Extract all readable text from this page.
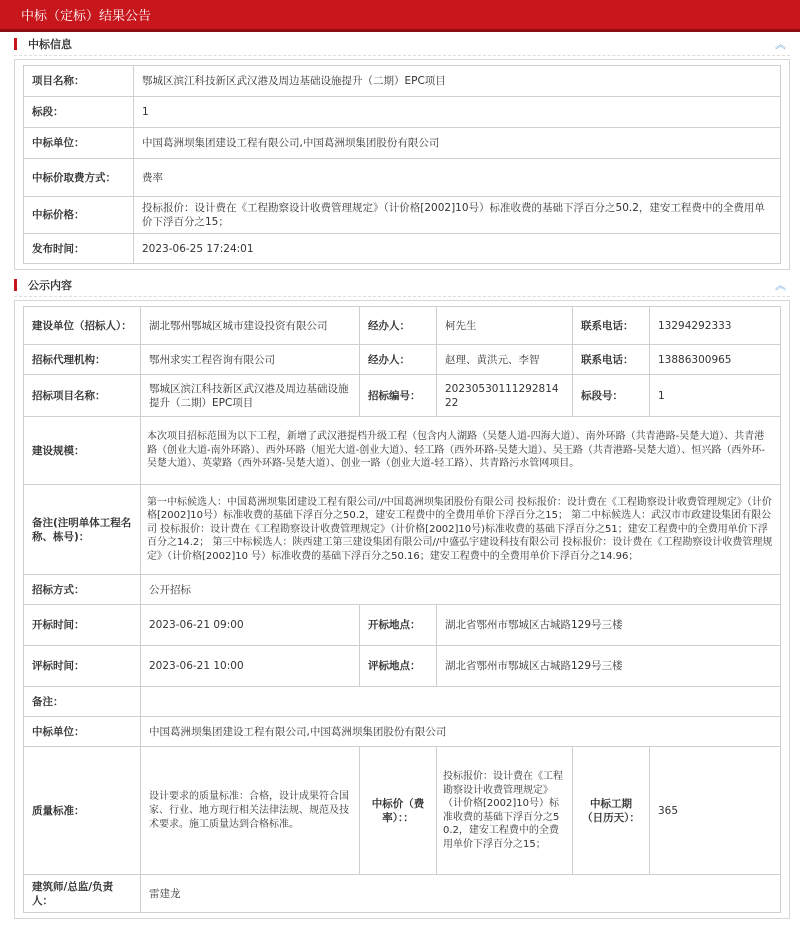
中标（定标）结果公告
中标信息	︽
项目名称：	鄂城区滨江科技新区武汉港及周边基础设施提升（二期）EPC项目
标段：	1
中标单位：	中国葛洲坝集团建设工程有限公司,中国葛洲坝集团股份有限公司
中标价取费方式：	费率
中标价格：	投标报价：设计费在《工程勘察设计收费管理规定》（计价格[2002]10号）标准收费的基础下浮百分之50.2，建安工程费中的全费用单价下浮百分之15；
发布时间：	2023-06-25 17:24:01
公示内容	︽
建设单位（招标人）：	湖北鄂州鄂城区城市建设投资有限公司	经办人：	柯先生	联系电话：	13294292333
招标代理机构：	鄂州求实工程咨询有限公司	经办人：	赵理、黄洪元、李智	联系电话：	13886300965
招标项目名称：	鄂城区滨江科技新区武汉港及周边基础设施提升（二期）EPC项目	招标编号：	2023053011129281422	标段号：	1
建设规模：	本次项目招标范围为以下工程，新增了武汉港提档升级工程（包含内人湖路（吴楚人道-四海大道）、南外环路（共青港路-吴楚大道）、共青港路（创业大道-南外环路）、西外环路（旭光大道-创业大道）、轻工路（西外环路-吴楚大道）、吴王路（共青港路-吴楚大道）、恒兴路（西外环-吴楚大道）、英蒙路（西外环路-吴楚大道）、创业一路（创业大道-轻工路）、共青路污水管网项目。				
备注(注明单体工程名称、栋号)：	第一中标候选人：中国葛洲坝集团建设工程有限公司//中国葛洲坝集团股份有限公司 投标报价：设计费在《工程勘察设计收费管理规定》（计价格[2002]10号）标准收费的基础下浮百分之50.2，建安工程费中的全费用单价下浮百分之15； 第二中标候选人：武汉市市政建设集团有限公司 投标报价：设计费在《工程勘察设计收费管理规定》（计价格[2002]10号)标准收费的基础下浮百分之51；建安工程费中的全费用单价下浮百分之14.2； 第三中标候选人：陕西建工第三建设集团有限公司//中盛弘宇建设科技有限公司 投标报价：设计费在《工程勘察设计收费管理规定》（计价格[2002]10 号）标准收费的基础下浮百分之50.16；建安工程费中的全费用单价下浮百分之14.96；				
招标方式：	公开招标				
开标时间：	2023-06-21 09:00	开标地点：	湖北省鄂州市鄂城区古城路129号三楼		
评标时间：	2023-06-21 10:00	评标地点：	湖北省鄂州市鄂城区古城路129号三楼		
备注：					
中标单位：	中国葛洲坝集团建设工程有限公司,中国葛洲坝集团股份有限公司				
质量标准：	设计要求的质量标准：合格，设计成果符合国家、行业、地方现行相关法律法规、规范及技术要求。施工质量达到合格标准。	中标价（费率）：：	投标报价：设计费在《工程勘察设计收费管理规定》（计价格[2002]10号）标准收费的基础下浮百分之50.2，建安工程费中的全费用单价下浮百分之15；	中标工期（日历天）：	365
建筑师/总监/负责人：	雷建龙				
